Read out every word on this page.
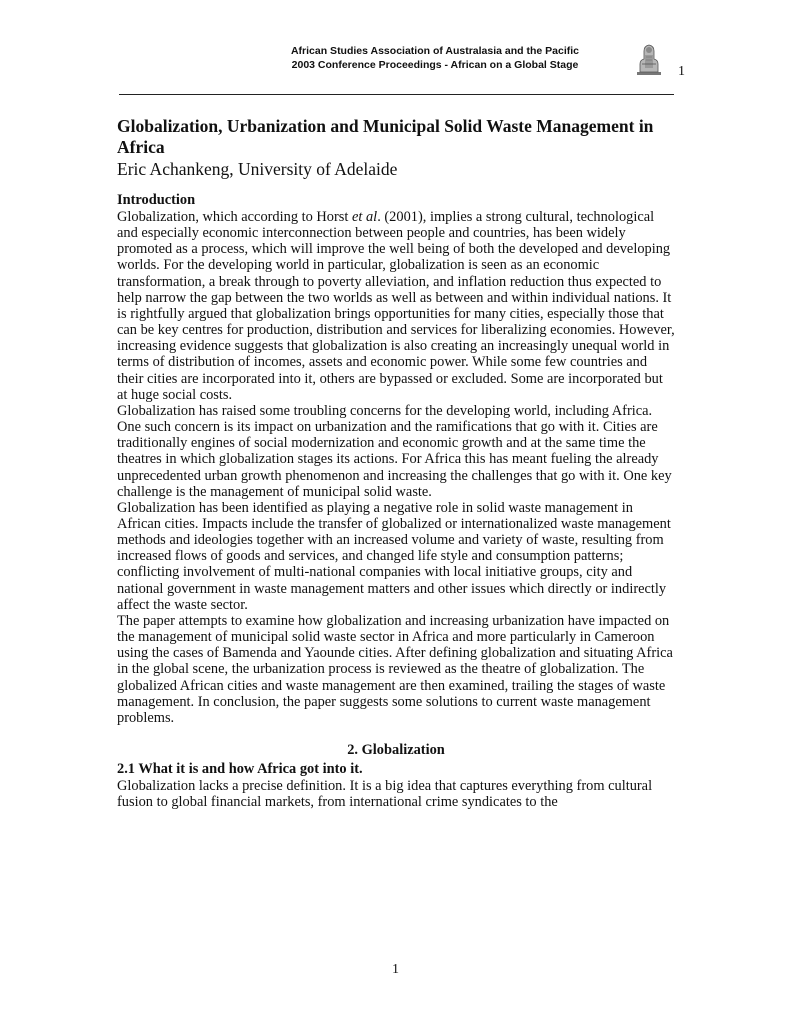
African Studies Association of Australasia and the Pacific
2003 Conference Proceedings - African on a Global Stage	1
Globalization, Urbanization and Municipal Solid Waste Management in Africa

Eric Achankeng, University of Adelaide

Introduction

Globalization, which according to Horst et al. (2001), implies a strong cultural, technological and especially economic interconnection between people and countries, has been widely promoted as a process, which will improve the well being of both the developed and developing worlds. For the developing world in particular, globalization is seen as an economic transformation, a break through to poverty alleviation, and inflation reduction thus expected to help narrow the gap between the two worlds as well as between and within individual nations. It is rightfully argued that globalization brings opportunities for many cities, especially those that can be key centres for production, distribution and services for liberalizing economies. However, increasing evidence suggests that globalization is also creating an increasingly unequal world in terms of distribution of incomes, assets and economic power. While some few countries and their cities are incorporated into it, others are bypassed or excluded. Some are incorporated but at huge social costs.

Globalization has raised some troubling concerns for the developing world, including Africa. One such concern is its impact on urbanization and the ramifications that go with it. Cities are traditionally engines of social modernization and economic growth and at the same time the theatres in which globalization stages its actions. For Africa this has meant fueling the already unprecedented urban growth phenomenon and increasing the challenges that go with it. One key challenge is the management of municipal solid waste.

Globalization has been identified as playing a negative role in solid waste management in African cities. Impacts include the transfer of globalized or internationalized waste management methods and ideologies together with an increased volume and variety of waste, resulting from increased flows of goods and services, and changed life style and consumption patterns; conflicting involvement of multi-national companies with local initiative groups, city and national government in waste management matters and other issues which directly or indirectly affect the waste sector.

The paper attempts to examine how globalization and increasing urbanization have impacted on the management of municipal solid waste sector in Africa and more particularly in Cameroon using the cases of Bamenda and Yaounde cities. After defining globalization and situating Africa in the global scene, the urbanization process is reviewed as the theatre of globalization. The globalized African cities and waste management are then examined, trailing the stages of waste management. In conclusion, the paper suggests some solutions to current waste management problems.

2. Globalization
2.1 What it is and how Africa got into it.

Globalization lacks a precise definition. It is a big idea that captures everything from cultural fusion to global financial markets, from international crime syndicates to the

1
